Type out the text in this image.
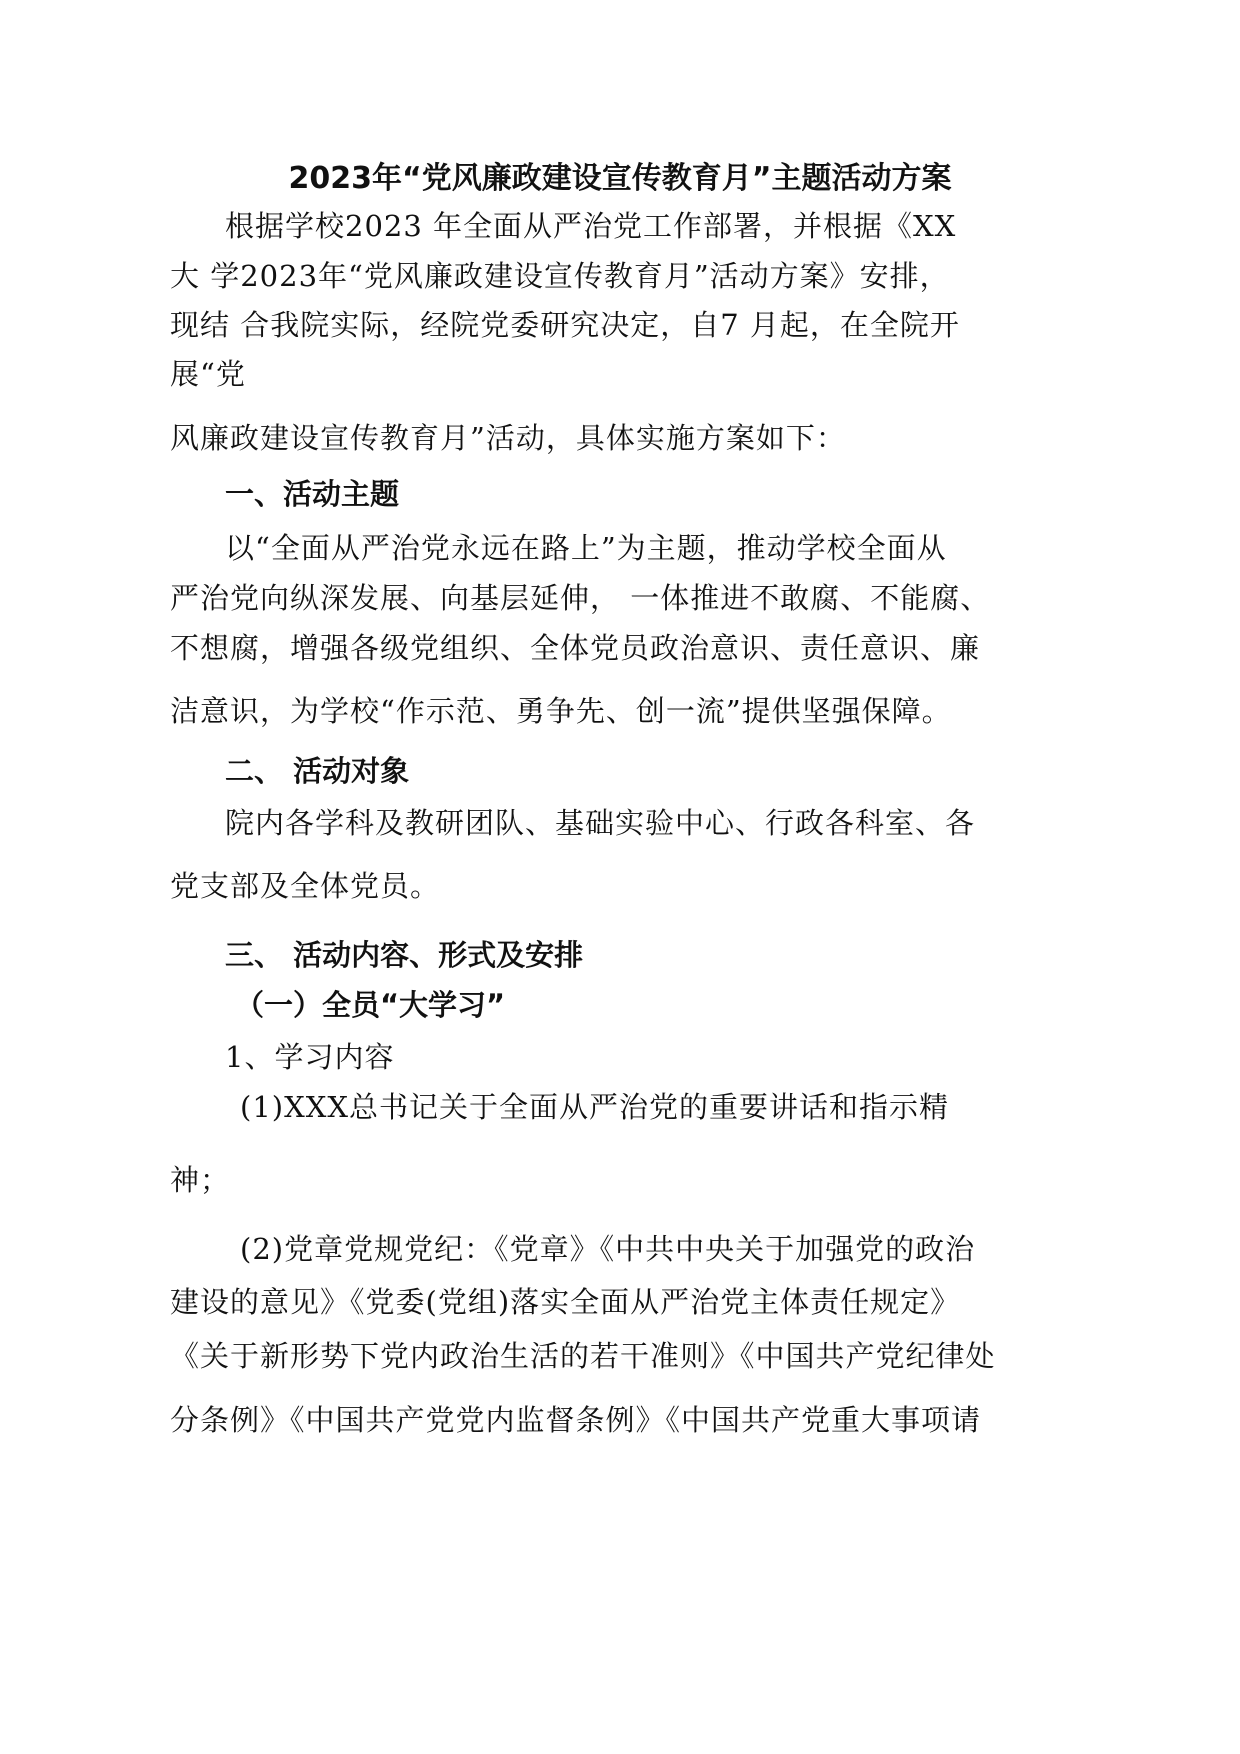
2023年“党风廉政建设宣传教育月”主题活动方案
根据学校2023 年全面从严治党工作部署，并根据《XX
大 学2023年“党风廉政建设宣传教育月”活动方案》安排，
现结 合我院实际，经院党委研究决定，自7 月起，在全院开
展“党
风廉政建设宣传教育月”活动，具体实施方案如下：
一、活动主题
以“全面从严治党永远在路上”为主题，推动学校全面从
严治党向纵深发展、向基层延伸， 一体推进不敢腐、不能腐、
不想腐，增强各级党组织、全体党员政治意识、责任意识、廉
洁意识，为学校“作示范、勇争先、创一流”提供坚强保障。
二、 活动对象
院内各学科及教研团队、基础实验中心、行政各科室、各
党支部及全体党员。
三、 活动内容、形式及安排
（一）全员“大学习”
1、学习内容
(1)XXX总书记关于全面从严治党的重要讲话和指示精
神；
(2)党章党规党纪：《党章》《中共中央关于加强党的政治
建设的意见》《党委(党组)落实全面从严治党主体责任规定》
《关于新形势下党内政治生活的若干准则》《中国共产党纪律处
分条例》《中国共产党党内监督条例》《中国共产党重大事项请
